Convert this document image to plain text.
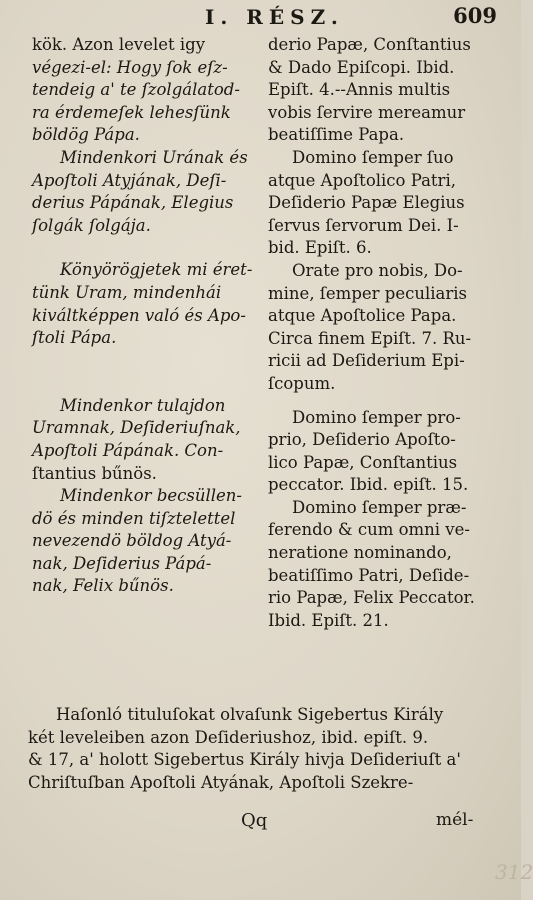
I. RÉSZ.	609
kök. Azon levelet igy
végezi-el: Hogy ſok eſz-
tendeig a' te ſzolgálatod-
ra érdemeſek lehesſünk
böldög Pápa.
Mindenkori Urának és
Apoſtoli Atyjának, Deſi-
derius Pápának, Elegius
ſolgák ſolgája.
Könyörögjetek mi éret-
tünk Uram, mindenhái
kiváltképpen való és Apo-
ſtoli Pápa.
Mindenkor tulajdon
Uramnak, Deſideriuſnak,
Apoſtoli Pápának. Con-
ſtantius bűnös.
Mindenkor becsüllen-
dö és minden tiſztelettel
nevezendö böldog Atyá-
nak, Deſiderius Pápá-
nak, Felix bűnös.
derio Papæ, Conſtantius
& Dado Epiſcopi. Ibid.
Epiſt. 4.--Annis multis
vobis ſervire mereamur
beatiſſime Papa.
Domino ſemper ſuo
atque Apoſtolico Patri,
Deſiderio Papæ Elegius
ſervus ſervorum Dei. I-
bid. Epiſt. 6.
Orate pro nobis, Do-
mine, ſemper peculiaris
atque Apoſtolice Papa.
Circa finem Epiſt. 7. Ru-
ricii ad Deſiderium Epi-
ſcopum.
Domino ſemper pro-
prio, Deſiderio Apoſto-
lico Papæ, Conſtantius
peccator. Ibid. epiſt. 15.
Domino ſemper præ-
ferendo & cum omni ve-
neratione nominando,
beatiſſimo Patri, Deſide-
rio Papæ, Felix Peccator.
Ibid. Epiſt. 21.
Haſonló tituluſokat olvaſunk Sigebertus Király
két leveleiben azon Deſideriushoz, ibid. epiſt. 9.
& 17, a' holott Sigebertus Király hivja Deſideriuſt a'
Chriſtuſban Apoſtoli Atyának, Apoſtoli Szekre-
Qq	mél-
312
